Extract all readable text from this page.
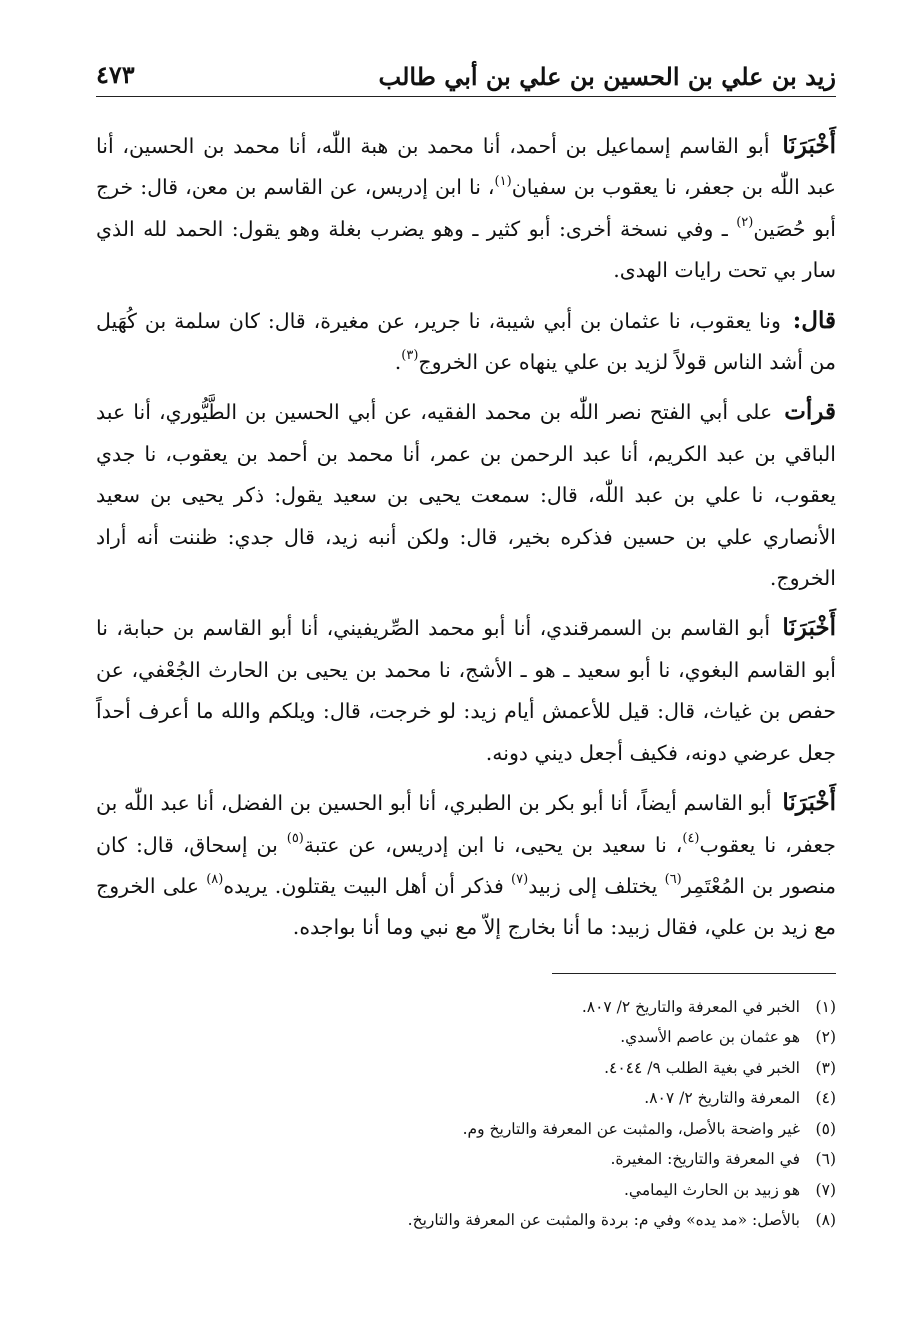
زيد بن علي بن الحسين بن علي بن أبي طالب
٤٧٣

أَخْبَرَنَا أبو القاسم إسماعيل بن أحمد، أنا محمد بن هبة اللّٰه، أنا محمد بن الحسين، أنا عبد اللّٰه بن جعفر، نا يعقوب بن سفيان$^{(١)}$، نا ابن إدريس، عن القاسم بن معن، قال: خرج أبو حُصَين$^{(٢)}$ ـ وفي نسخة أخرى: أبو كثير ـ وهو يضرب بغلة وهو يقول: الحمد لله الذي سار بي تحت رايات الهدى.

قال: ونا يعقوب، نا عثمان بن أبي شيبة، نا جرير، عن مغيرة، قال: كان سلمة بن كُهَيل من أشد الناس قولاً لزيد بن علي ينهاه عن الخروج$^{(٣)}$.

قرأت على أبي الفتح نصر اللّٰه بن محمد الفقيه، عن أبي الحسين بن الطَّيُّوري، أنا عبد الباقي بن عبد الكريم، أنا عبد الرحمن بن عمر، أنا محمد بن أحمد بن يعقوب، نا جدي يعقوب، نا علي بن عبد اللّٰه، قال: سمعت يحيى بن سعيد يقول: ذكر يحيى بن سعيد الأنصاري علي بن حسين فذكره بخير، قال: ولكن أنبه زيد، قال جدي: ظننت أنه أراد الخروج.

أَخْبَرَنَا أبو القاسم بن السمرقندي، أنا أبو محمد الصِّريفيني، أنا أبو القاسم بن حبابة، نا أبو القاسم البغوي، نا أبو سعيد ـ هو ـ الأشج، نا محمد بن يحيى بن الحارث الجُعْفي، عن حفص بن غياث، قال: قيل للأعمش أيام زيد: لو خرجت، قال: ويلكم والله ما أعرف أحداً جعل عرضي دونه، فكيف أجعل ديني دونه.

أَخْبَرَنَا أبو القاسم أيضاً، أنا أبو بكر بن الطبري، أنا أبو الحسين بن الفضل، أنا عبد اللّٰه بن جعفر، نا يعقوب$^{(٤)}$، نا سعيد بن يحيى، نا ابن إدريس، عن عتبة$^{(٥)}$ بن إسحاق، قال: كان منصور بن المُعْتَمِر$^{(٦)}$ يختلف إلى زبيد$^{(٧)}$ فذكر أن أهل البيت يقتلون. يريده$^{(٨)}$ على الخروج مع زيد بن علي، فقال زبيد: ما أنا بخارج إلاّ مع نبي وما أنا بواجده.

(١)
الخبر في المعرفة والتاريخ ٢/ ٨٠٧.
(٢)
هو عثمان بن عاصم الأسدي.
(٣)
الخبر في بغية الطلب ٩/ ٤٠٤٤.
(٤)
المعرفة والتاريخ ٢/ ٨٠٧.
(٥)
غير واضحة بالأصل، والمثبت عن المعرفة والتاريخ وم.
(٦)
في المعرفة والتاريخ: المغيرة.
(٧)
هو زبيد بن الحارث اليمامي.
(٨)
بالأصل: «مد يده» وفي م: بردة والمثبت عن المعرفة والتاريخ.
